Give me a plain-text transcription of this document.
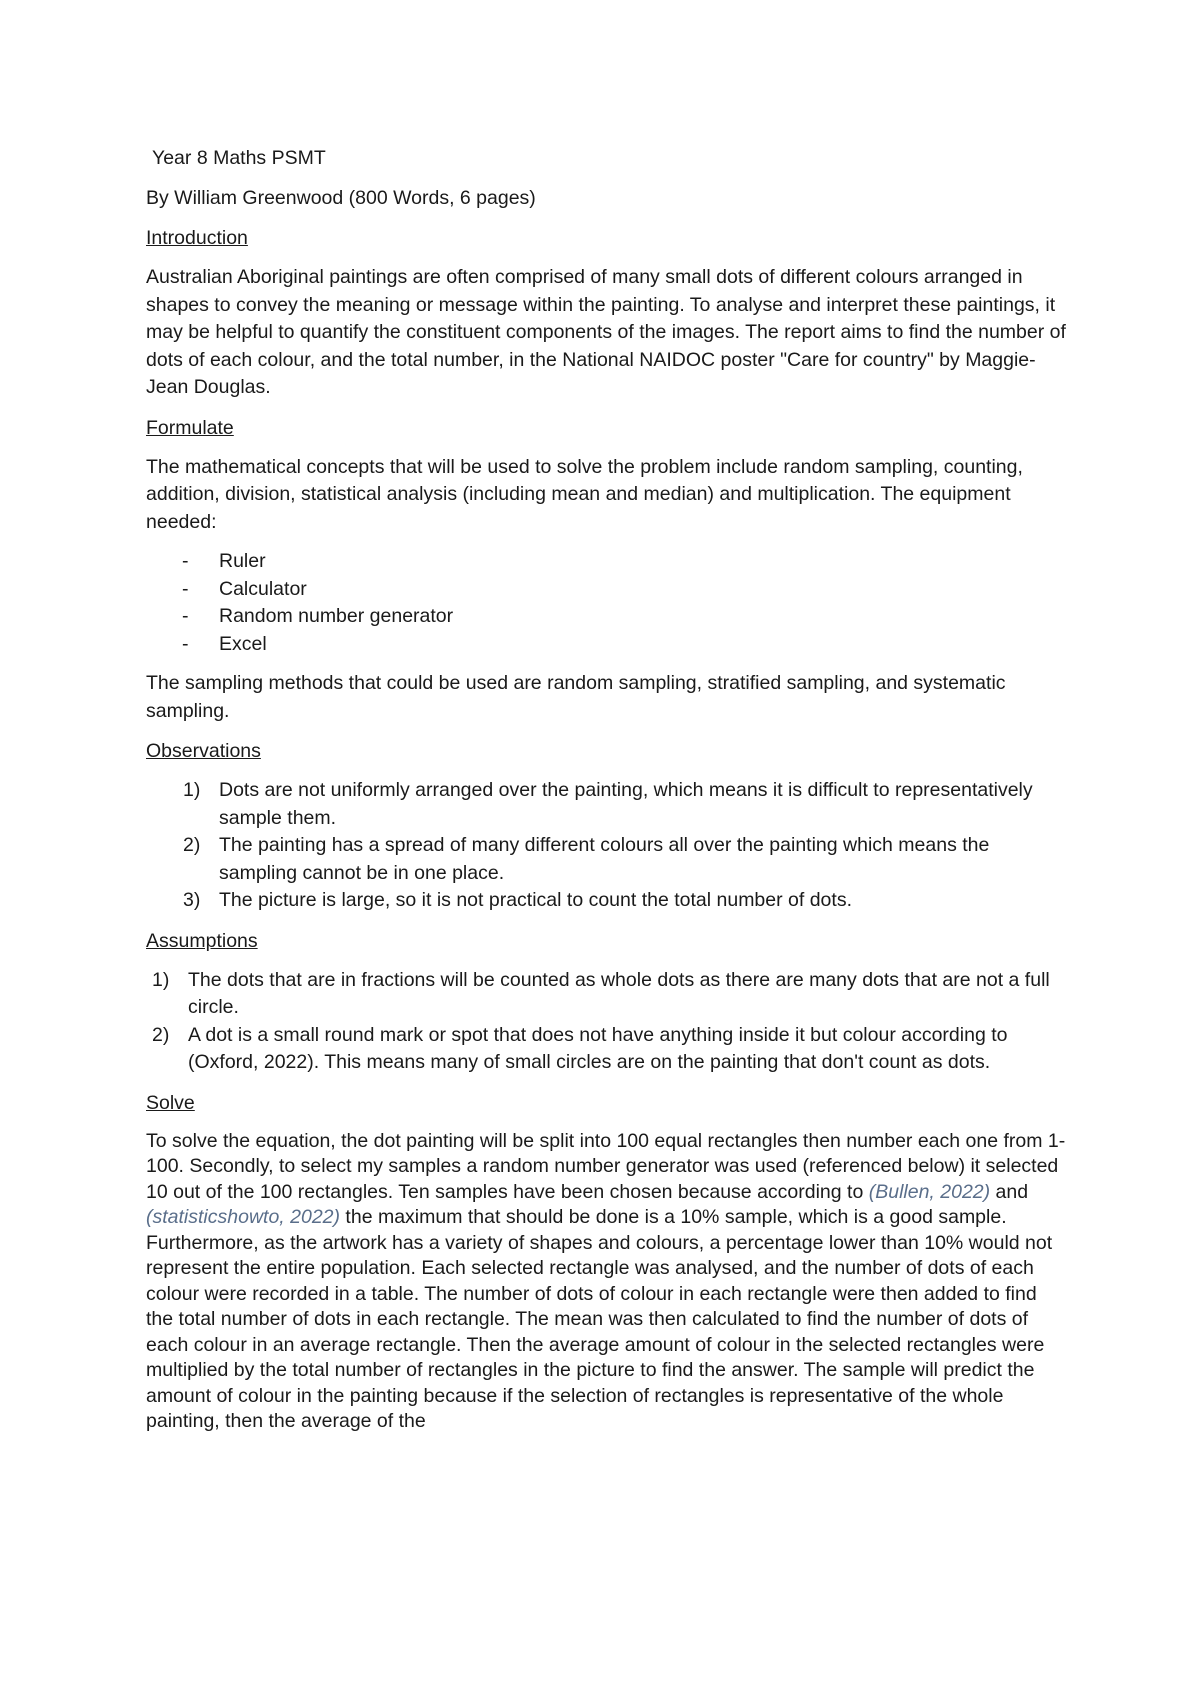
Year 8 Maths PSMT

By William Greenwood (800 Words, 6 pages)

Introduction

Australian Aboriginal paintings are often comprised of many small dots of different colours arranged in shapes to convey the meaning or message within the painting. To analyse and interpret these paintings, it may be helpful to quantify the constituent components of the images. The report aims to find the number of dots of each colour, and the total number, in the National NAIDOC poster "Care for country" by Maggie-Jean Douglas.

Formulate

The mathematical concepts that will be used to solve the problem include random sampling, counting, addition, division, statistical analysis (including mean and median) and multiplication. The equipment needed:

- Ruler
- Calculator
- Random number generator
- Excel

The sampling methods that could be used are random sampling, stratified sampling, and systematic sampling.

Observations

1) Dots are not uniformly arranged over the painting, which means it is difficult to representatively sample them.
2) The painting has a spread of many different colours all over the painting which means the sampling cannot be in one place.
3) The picture is large, so it is not practical to count the total number of dots.

Assumptions

1) The dots that are in fractions will be counted as whole dots as there are many dots that are not a full circle.
2) A dot is a small round mark or spot that does not have anything inside it but colour according to (Oxford, 2022). This means many of small circles are on the painting that don't count as dots.

Solve

To solve the equation, the dot painting will be split into 100 equal rectangles then number each one from 1-100. Secondly, to select my samples a random number generator was used (referenced below) it selected 10 out of the 100 rectangles. Ten samples have been chosen because according to (Bullen, 2022) and (statisticshowto, 2022) the maximum that should be done is a 10% sample, which is a good sample. Furthermore, as the artwork has a variety of shapes and colours, a percentage lower than 10% would not represent the entire population. Each selected rectangle was analysed, and the number of dots of each colour were recorded in a table. The number of dots of colour in each rectangle were then added to find the total number of dots in each rectangle. The mean was then calculated to find the number of dots of each colour in an average rectangle. Then the average amount of colour in the selected rectangles were multiplied by the total number of rectangles in the picture to find the answer. The sample will predict the amount of colour in the painting because if the selection of rectangles is representative of the whole painting, then the average of the
